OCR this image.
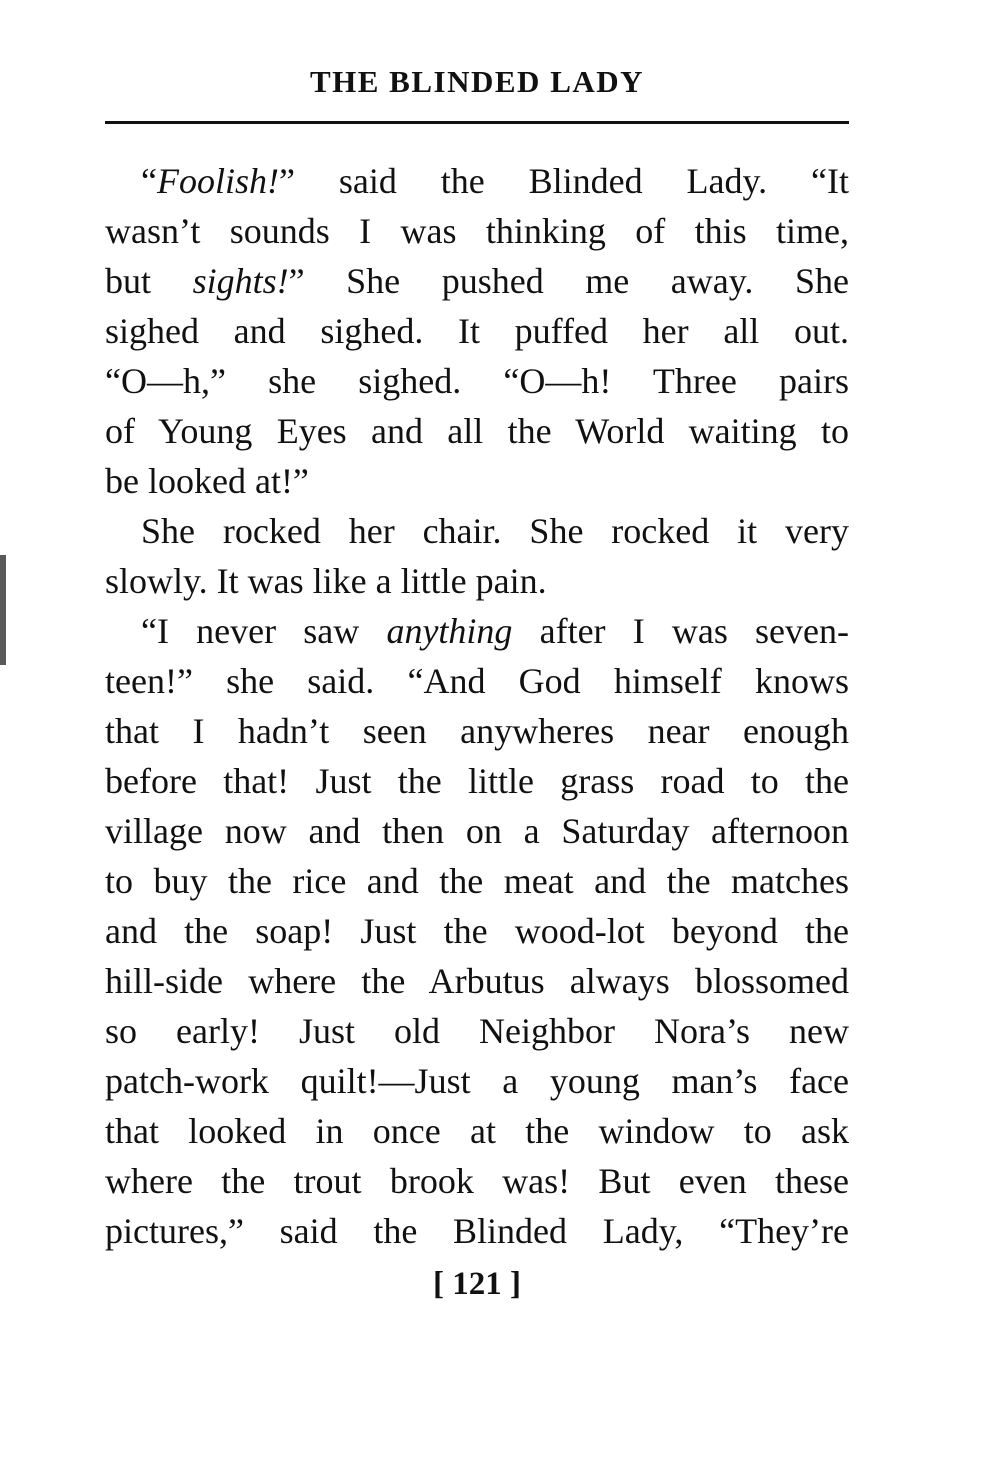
THE BLINDED LADY
“Foolish!” said the Blinded Lady. “It
wasn’t sounds I was thinking of this time,
but sights!” She pushed me away. She
sighed and sighed. It puffed her all out.
“O—h,” she sighed. “O—h! Three pairs
of Young Eyes and all the World waiting to
be looked at!”
She rocked her chair. She rocked it very
slowly. It was like a little pain.
“I never saw anything after I was seven-
teen!” she said. “And God himself knows
that I hadn’t seen anywheres near enough
before that! Just the little grass road to the
village now and then on a Saturday afternoon
to buy the rice and the meat and the matches
and the soap! Just the wood-lot beyond the
hill-side where the Arbutus always blossomed
so early! Just old Neighbor Nora’s new
patch-work quilt!—Just a young man’s face
that looked in once at the window to ask
where the trout brook was! But even these
pictures,” said the Blinded Lady, “They’re
[ 121 ]
